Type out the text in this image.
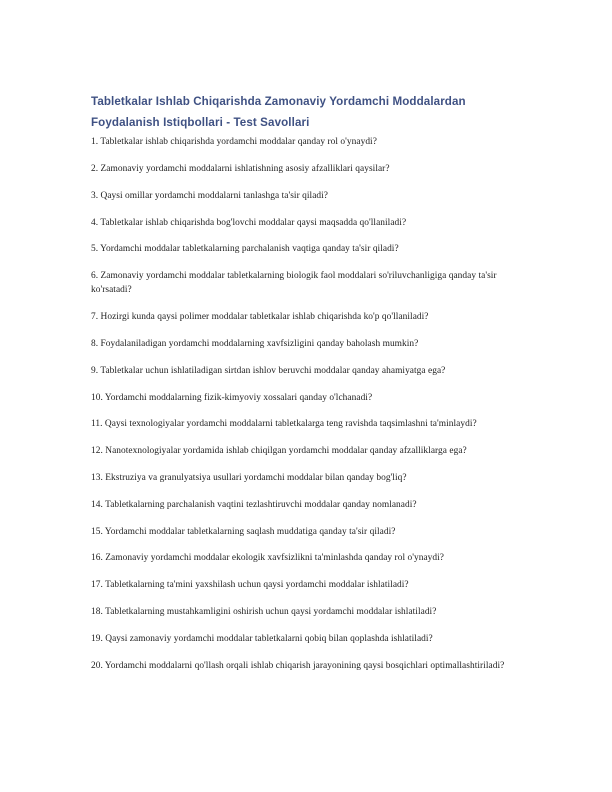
Tabletkalar Ishlab Chiqarishda Zamonaviy Yordamchi Moddalardan
Foydalanish Istiqbollari - Test Savollari
1. Tabletkalar ishlab chiqarishda yordamchi moddalar qanday rol o'ynaydi?
2. Zamonaviy yordamchi moddalarni ishlatishning asosiy afzalliklari qaysilar?
3. Qaysi omillar yordamchi moddalarni tanlashga ta'sir qiladi?
4. Tabletkalar ishlab chiqarishda bog'lovchi moddalar qaysi maqsadda qo'llaniladi?
5. Yordamchi moddalar tabletkalarning parchalanish vaqtiga qanday ta'sir qiladi?
6. Zamonaviy yordamchi moddalar tabletkalarning biologik faol moddalari so'riluvchanligiga qanday ta'sir ko'rsatadi?
7. Hozirgi kunda qaysi polimer moddalar tabletkalar ishlab chiqarishda ko'p qo'llaniladi?
8. Foydalaniladigan yordamchi moddalarning xavfsizligini qanday baholash mumkin?
9. Tabletkalar uchun ishlatiladigan sirtdan ishlov beruvchi moddalar qanday ahamiyatga ega?
10. Yordamchi moddalarning fizik-kimyoviy xossalari qanday o'lchanadi?
11. Qaysi texnologiyalar yordamchi moddalarni tabletkalarga teng ravishda taqsimlashni ta'minlaydi?
12. Nanotexnologiyalar yordamida ishlab chiqilgan yordamchi moddalar qanday afzalliklarga ega?
13. Ekstruziya va granulyatsiya usullari yordamchi moddalar bilan qanday bog'liq?
14. Tabletkalarning parchalanish vaqtini tezlashtiruvchi moddalar qanday nomlanadi?
15. Yordamchi moddalar tabletkalarning saqlash muddatiga qanday ta'sir qiladi?
16. Zamonaviy yordamchi moddalar ekologik xavfsizlikni ta'minlashda qanday rol o'ynaydi?
17. Tabletkalarning ta'mini yaxshilash uchun qaysi yordamchi moddalar ishlatiladi?
18. Tabletkalarning mustahkamligini oshirish uchun qaysi yordamchi moddalar ishlatiladi?
19. Qaysi zamonaviy yordamchi moddalar tabletkalarni qobiq bilan qoplashda ishlatiladi?
20. Yordamchi moddalarni qo'llash orqali ishlab chiqarish jarayonining qaysi bosqichlari optimallashtiriladi?
